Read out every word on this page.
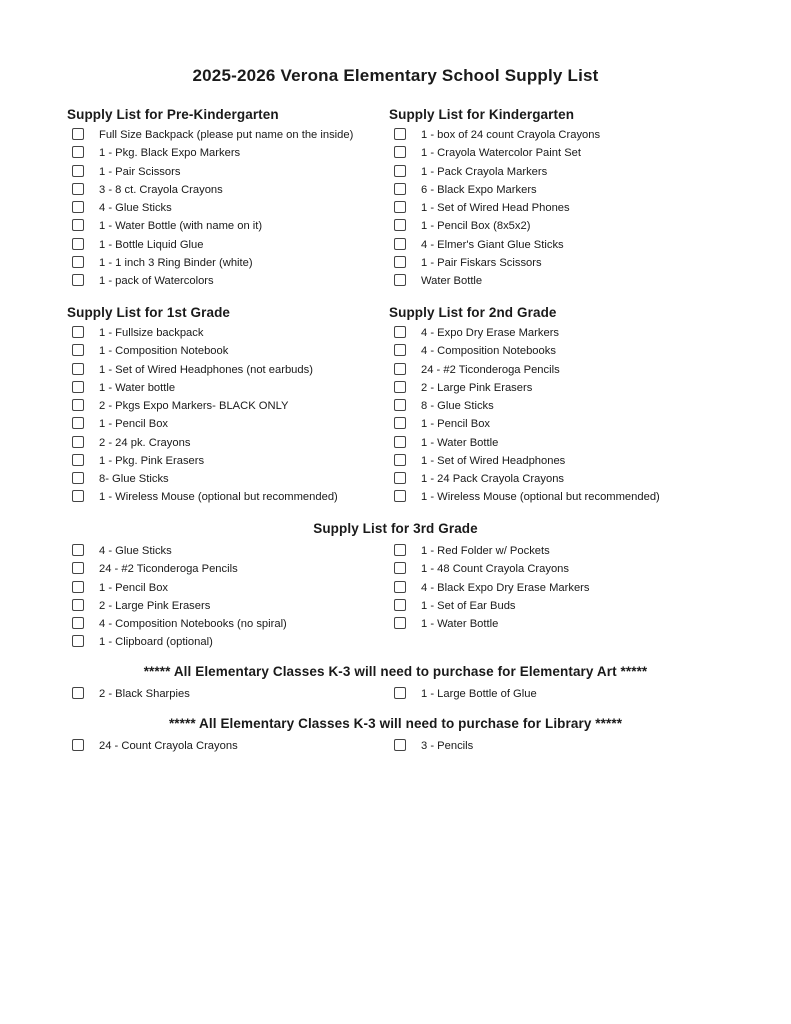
2025-2026 Verona Elementary School Supply List
Supply List for Pre-Kindergarten
Full Size Backpack (please put name on the inside)
1 - Pkg. Black Expo Markers
1 - Pair Scissors
3 - 8 ct. Crayola Crayons
4 - Glue Sticks
1 - Water Bottle (with name on it)
1 - Bottle Liquid Glue
1 - 1 inch 3 Ring Binder (white)
1 - pack of Watercolors
Supply List for Kindergarten
1 - box of 24 count Crayola Crayons
1 - Crayola Watercolor Paint Set
1 - Pack Crayola Markers
6 - Black Expo Markers
1 - Set of Wired Head Phones
1 - Pencil Box (8x5x2)
4 - Elmer's Giant Glue Sticks
1 - Pair Fiskars Scissors
Water Bottle
Supply List for 1st Grade
1 - Fullsize backpack
1 - Composition Notebook
1 - Set of Wired Headphones (not earbuds)
1 - Water bottle
2 - Pkgs Expo Markers- BLACK ONLY
1 - Pencil Box
2 - 24 pk. Crayons
1 - Pkg. Pink Erasers
8- Glue Sticks
1 - Wireless Mouse (optional but recommended)
Supply List for 2nd Grade
4 - Expo Dry Erase Markers
4 - Composition Notebooks
24 - #2 Ticonderoga Pencils
2 - Large Pink Erasers
8 - Glue Sticks
1 - Pencil Box
1 - Water Bottle
1 - Set of Wired Headphones
1 - 24 Pack Crayola Crayons
1 - Wireless Mouse (optional but recommended)
Supply List for 3rd Grade
4 - Glue Sticks
24 - #2 Ticonderoga Pencils
1 - Pencil Box
2 - Large Pink Erasers
4 - Composition Notebooks (no spiral)
1 - Clipboard (optional)
1 - Red Folder w/ Pockets
1 - 48 Count Crayola Crayons
4 - Black Expo Dry Erase Markers
1 - Set of Ear Buds
1 - Water Bottle
***** All Elementary Classes K-3 will need to purchase for Elementary Art *****
2 - Black Sharpies	1 - Large Bottle of Glue
***** All Elementary Classes K-3 will need to purchase for Library *****
24 - Count Crayola Crayons	3 - Pencils
